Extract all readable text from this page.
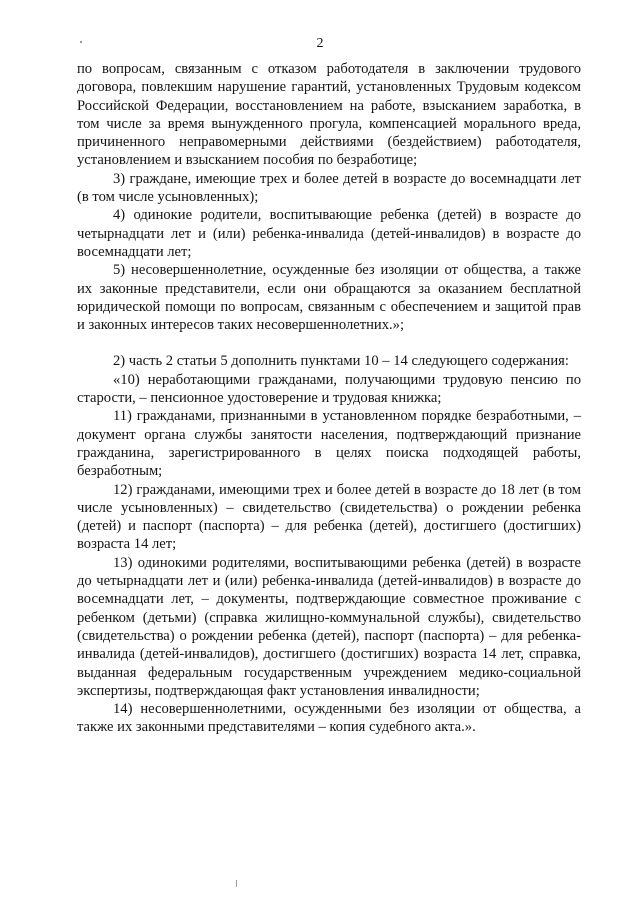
2

по вопросам, связанным с отказом работодателя в заключении трудового договора, повлекшим нарушение гарантий, установленных Трудовым кодексом Российской Федерации, восстановлением на работе, взысканием заработка, в том числе за время вынужденного прогула, компенсацией морального вреда, причиненного неправомерными действиями (бездействием) работодателя, установлением и взысканием пособия по безработице;

3) граждане, имеющие трех и более детей в возрасте до восемнадцати лет (в том числе усыновленных);

4) одинокие родители, воспитывающие ребенка (детей) в возрасте до четырнадцати лет и (или) ребенка-инвалида (детей-инвалидов) в возрасте до восемнадцати лет;

5) несовершеннолетние, осужденные без изоляции от общества, а также их законные представители, если они обращаются за оказанием бесплатной юридической помощи по вопросам, связанным с обеспечением и защитой прав и законных интересов таких несовершеннолетних.»;

2) часть 2 статьи 5 дополнить пунктами 10 – 14 следующего содержания:

«10) неработающими гражданами, получающими трудовую пенсию по старости, – пенсионное удостоверение и трудовая книжка;

11) гражданами, признанными в установленном порядке безработными, – документ органа службы занятости населения, подтверждающий признание гражданина, зарегистрированного в целях поиска подходящей работы, безработным;

12) гражданами, имеющими трех и более детей в возрасте до 18 лет (в том числе усыновленных) – свидетельство (свидетельства) о рождении ребенка (детей) и паспорт (паспорта) – для ребенка (детей), достигшего (достигших) возраста 14 лет;

13) одинокими родителями, воспитывающими ребенка (детей) в возрасте до четырнадцати лет и (или) ребенка-инвалида (детей-инвалидов) в возрасте до восемнадцати лет, – документы, подтверждающие совместное проживание с ребенком (детьми) (справка жилищно-коммунальной службы), свидетельство (свидетельства) о рождении ребенка (детей), паспорт (паспорта) – для ребенка-инвалида (детей-инвалидов), достигшего (достигших) возраста 14 лет, справка, выданная федеральным государственным учреждением медико-социальной экспертизы, подтверждающая факт установления инвалидности;

14) несовершеннолетними, осужденными без изоляции от общества, а также их законными представителями – копия судебного акта.».
